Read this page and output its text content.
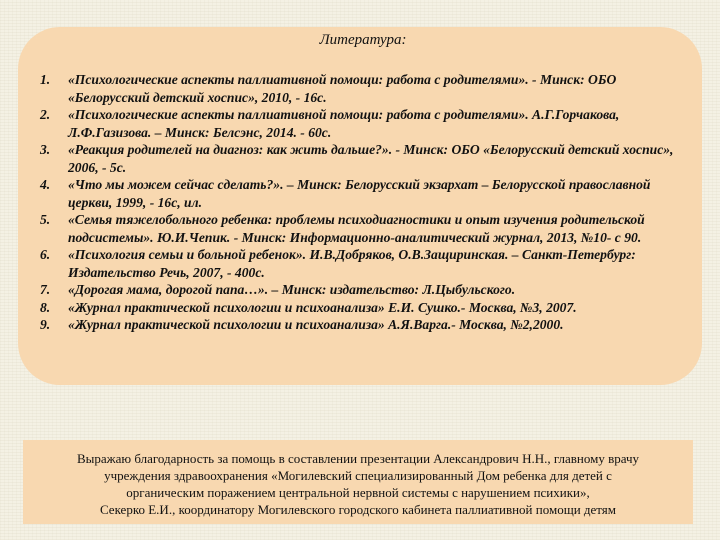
Литература:
1.	«Психологические аспекты паллиативной помощи: работа с родителями». - Минск: ОБО «Белорусский детский хоспис», 2010, - 16с.
2.	«Психологические аспекты паллиативной помощи: работа с родителями». А.Г.Горчакова, Л.Ф.Газизова. – Минск: Белсэнс, 2014. - 60с.
3.	«Реакция родителей на диагноз: как жить дальше?». - Минск: ОБО «Белорусский детский хоспис», 2006, - 5с.
4.	«Что мы можем сейчас сделать?». – Минск: Белорусский экзархат – Белорусской православной церкви, 1999, - 16с, ил.
5.	«Семья тяжелобольного ребенка: проблемы психодиагностики и опыт изучения родительской подсистемы». Ю.И.Чепик. - Минск: Информационно-аналитический журнал, 2013, №10- с 90.
6.	«Психология семьи и больной ребенок». И.В.Добряков, О.В.Защиринская. – Санкт-Петербург: Издательство Речь, 2007, - 400с.
7.	«Дорогая мама, дорогой папа…». – Минск: издательство: Л.Цыбульского.
8.	«Журнал практической психологии и психоанализа» Е.И. Сушко.- Москва, №3, 2007.
9.	«Журнал практической психологии и психоанализа» А.Я.Варга.- Москва, №2,2000.
Выражаю благодарность за помощь в составлении презентации Александрович Н.Н., главному врачу
учреждения здравоохранения «Могилевский специализированный Дом ребенка для детей с
органическим поражением центральной нервной системы с нарушением психики»,
Секерко Е.И., координатору Могилевского городского кабинета паллиативной помощи детям
